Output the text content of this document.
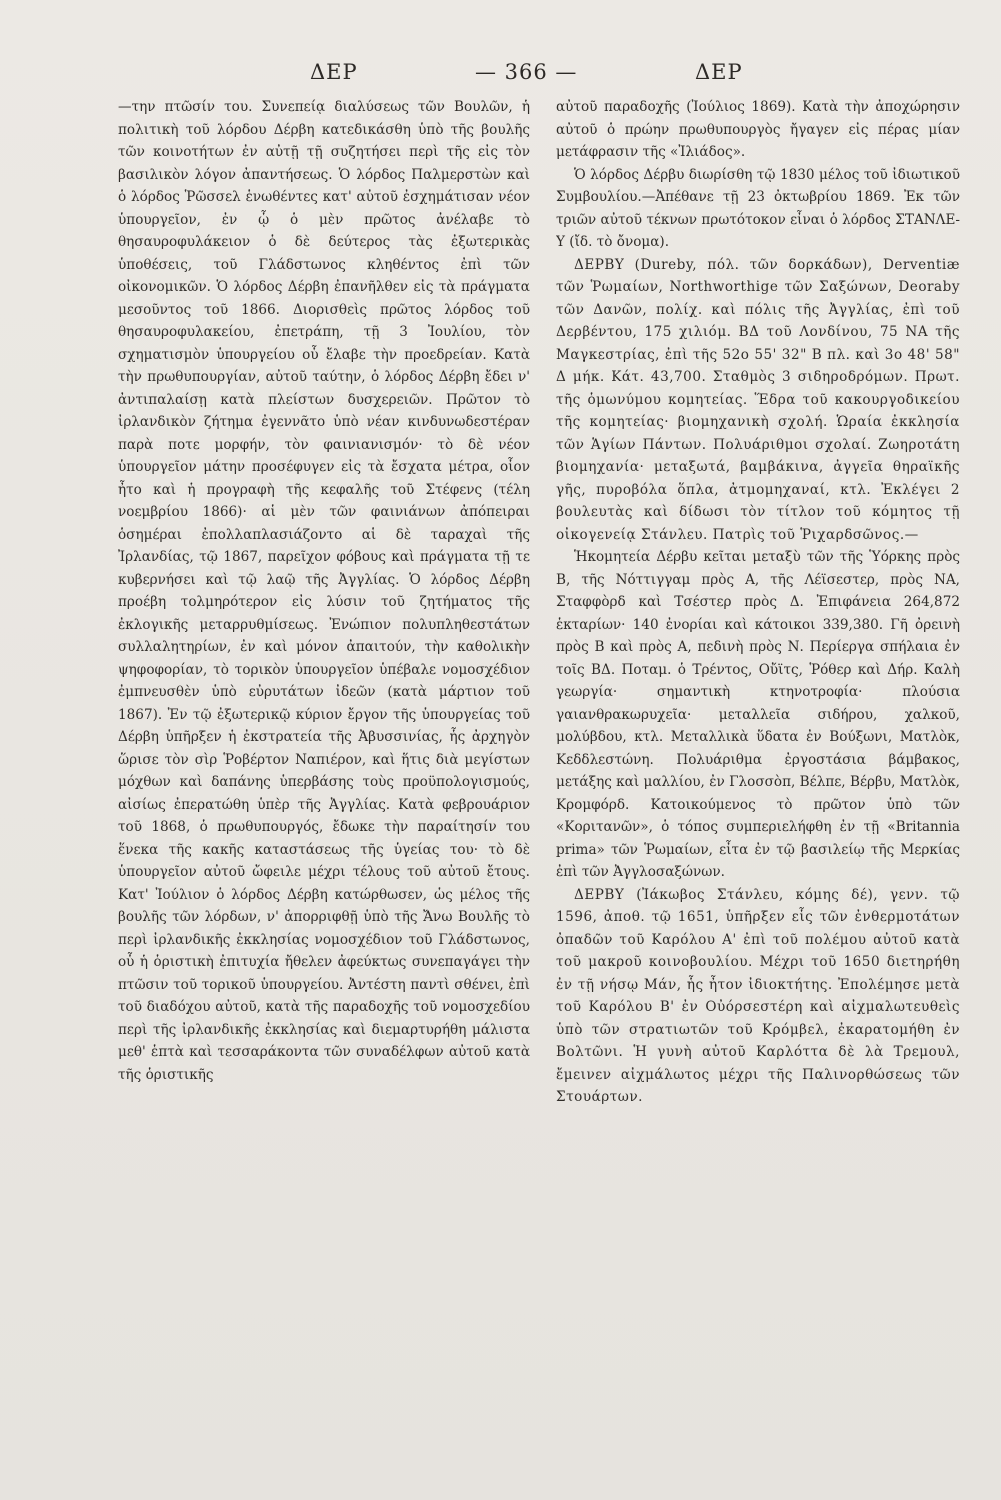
ΔΕΡ	— 366 —	ΔΕΡ

—την πτῶσίν του. Συνεπείᾳ διαλύσεως τῶν Βουλῶν, ἡ πολιτικὴ τοῦ λόρδου Δέρβη κατεδικάσθη ὑπὸ τῆς βουλῆς τῶν κοινοτήτων ἐν αὐτῇ τῇ συζητήσει περὶ τῆς εἰς τὸν βασιλικὸν λόγον ἀπαντήσεως. Ὁ λόρδος Παλμερστὼν καὶ ὁ λόρδος Ῥῶσσελ ἑνωθέντες κατ' αὐτοῦ ἐσχημάτισαν νέον ὑπουργεῖον, ἐν ᾧ ὁ μὲν πρῶτος ἀνέλαβε τὸ θησαυροφυλάκειον ὁ δὲ δεύτερος τὰς ἐξωτερικὰς ὑποθέσεις, τοῦ Γλάδστωνος κληθέντος ἐπὶ τῶν οἰκονομικῶν. Ὁ λόρδος Δέρβη ἐπανῆλθεν εἰς τὰ πράγματα μεσοῦντος τοῦ 1866. Διορισθεὶς πρῶτος λόρδος τοῦ θησαυροφυλακείου, ἐπετράπη, τῇ 3 Ἰουλίου, τὸν σχηματισμὸν ὑπουργείου οὗ ἔλαβε τὴν προεδρείαν. Κατὰ τὴν πρωθυπουργίαν, αὐτοῦ ταύτην, ὁ λόρδος Δέρβη ἔδει ν' ἀντιπαλαίσῃ κατὰ πλείστων δυσχερειῶν. Πρῶτον τὸ ἰρλανδικὸν ζήτημα ἐγεννᾶτο ὑπὸ νέαν κινδυνωδεστέραν παρὰ ποτε μορφήν, τὸν φαινιανισμόν· τὸ δὲ νέον ὑπουργεῖον μάτην προσέφυγεν εἰς τὰ ἔσχατα μέτρα, οἷον ἦτο καὶ ἡ προγραφὴ τῆς κεφαλῆς τοῦ Στέφενς (τέλη νοεμβρίου 1866)· αἱ μὲν τῶν φαινιάνων ἀπόπειραι ὁσημέραι ἐπολλαπλασιάζοντο αἱ δὲ ταραχαὶ τῆς Ἰρλανδίας, τῷ 1867, παρεῖχον φόβους καὶ πράγματα τῇ τε κυβερνήσει καὶ τῷ λαῷ τῆς Ἀγγλίας. Ὁ λόρδος Δέρβη προέβη τολμηρότερον εἰς λύσιν τοῦ ζητήματος τῆς ἐκλογικῆς μεταρρυθμίσεως. Ἐνώπιον πολυπληθεστάτων συλλαλητηρίων, ἐν καὶ μόνον ἀπαιτούν, τὴν καθολικὴν ψηφοφορίαν, τὸ τορικὸν ὑπουργεῖον ὑπέβαλε νομοσχέδιον ἐμπνευσθὲν ὑπὸ εὐρυτάτων ἰδεῶν (κατὰ μάρτιον τοῦ 1867). Ἐν τῷ ἐξωτερικῷ κύριον ἔργον τῆς ὑπουργείας τοῦ Δέρβη ὑπῆρξεν ἡ ἐκστρατεία τῆς Ἀβυσσινίας, ἧς ἀρχηγὸν ὥρισε τὸν σὶρ Ῥοβέρτον Ναπιέρον, καὶ ἥτις διὰ μεγίστων μόχθων καὶ δαπάνης ὑπερβάσης τοὺς προϋπολογισμούς, αἰσίως ἐπερατώθη ὑπὲρ τῆς Ἀγγλίας. Κατὰ φεβρουάριον τοῦ 1868, ὁ πρωθυπουργός, ἔδωκε τὴν παραίτησίν του ἕνεκα τῆς κακῆς καταστάσεως τῆς ὑγείας του· τὸ δὲ ὑπουργεῖον αὐτοῦ ὤφειλε μέχρι τέλους τοῦ αὐτοῦ ἔτους. Κατ' Ἰούλιον ὁ λόρδος Δέρβη κατώρθωσεν, ὡς μέλος τῆς βουλῆς τῶν λόρδων, ν' ἀπορριφθῇ ὑπὸ τῆς Ἄνω Βουλῆς τὸ περὶ ἰρλανδικῆς ἐκκλησίας νομοσχέδιον τοῦ Γλάδστωνος, οὗ ἡ ὁριστικὴ ἐπιτυχία ἤθελεν ἀφεύκτως συνεπαγάγει τὴν πτῶσιν τοῦ τορικοῦ ὑπουργείου. Ἀντέστη παντὶ σθένει, ἐπὶ τοῦ διαδόχου αὐτοῦ, κατὰ τῆς παραδοχῆς τοῦ νομοσχεδίου περὶ τῆς ἰρλανδικῆς ἐκκλησίας καὶ διεμαρτυρήθη μάλιστα μεθ' ἑπτὰ καὶ τεσσαράκοντα τῶν συναδέλφων αὐτοῦ κατὰ τῆς ὁριστικῆς

αὐτοῦ παραδοχῆς (Ἰούλιος 1869). Κατὰ τὴν ἀποχώρησιν αὐτοῦ ὁ πρώην πρωθυπουργὸς ἤγαγεν εἰς πέρας μίαν μετάφρασιν τῆς «Ἰλιάδος».

Ὁ λόρδος Δέρβυ διωρίσθη τῷ 1830 μέλος τοῦ ἰδιωτικοῦ Συμβουλίου.—Ἀπέθανε τῇ 23 ὀκτωβρίου 1869. Ἐκ τῶν τριῶν αὐτοῦ τέκνων πρωτότοκον εἶναι ὁ λόρδος ΣΤΑΝΛΕ-Υ (ἴδ. τὸ ὄνομα).

ΔΕΡΒΥ (Dureby, πόλ. τῶν δορκάδων), Derventiæ τῶν Ῥωμαίων, Northworthige τῶν Σαξώνων, Deoraby τῶν Δανῶν, πολίχ. καὶ πόλις τῆς Ἀγγλίας, ἐπὶ τοῦ Δερβέντου, 175 χιλιόμ. ΒΔ τοῦ Λονδίνου, 75 ΝΑ τῆς Μαγκεστρίας, ἐπὶ τῆς 52ο 55' 32" Β πλ. καὶ 3ο 48' 58" Δ μήκ. Κάτ. 43,700. Σταθμὸς 3 σιδηροδρόμων. Πρωτ. τῆς ὁμωνύμου κομητείας. Ἕδρα τοῦ κακουργοδικείου τῆς κομητείας· βιομηχανικὴ σχολή. Ὡραία ἐκκλησία τῶν Ἁγίων Πάντων. Πολυάριθμοι σχολαί. Ζωηροτάτη βιομηχανία· μεταξωτά, βαμβάκινα, ἀγγεῖα θηραϊκῆς γῆς, πυροβόλα ὅπλα, ἀτμομηχαναί, κτλ. Ἐκλέγει 2 βουλευτὰς καὶ δίδωσι τὸν τίτλον τοῦ κόμητος τῇ οἰκογενείᾳ Στάνλευ. Πατρὶς τοῦ Ῥιχαρδσῶνος.—

Ἡκομητεία Δέρβυ κεῖται μεταξὺ τῶν τῆς Ὑόρκης πρὸς Β, τῆς Νόττιγγαμ πρὸς Α, τῆς Λέϊσεστερ, πρὸς ΝΑ, Σταφφὸρδ καὶ Τσέστερ πρὸς Δ. Ἐπιφάνεια 264,872 ἑκταρίων· 140 ἐνορίαι καὶ κάτοικοι 339,380. Γῆ ὀρεινὴ πρὸς Β καὶ πρὸς Α, πεδινὴ πρὸς Ν. Περίεργα σπήλαια ἐν τοῖς ΒΔ. Ποταμ. ὁ Τρέντος, Οὔϊτς, Ῥόθερ καὶ Δήρ. Καλὴ γεωργία· σημαντικὴ κτηνοτροφία· πλούσια γαιανθρακωρυχεῖα· μεταλλεῖα σιδήρου, χαλκοῦ, μολύβδου, κτλ. Μεταλλικὰ ὕδατα ἐν Βούξωνι, Ματλὸκ, Κεδδλεστώνη. Πολυάριθμα ἐργοστάσια βάμβακος, μετάξης καὶ μαλλίου, ἐν Γλοσσὸπ, Βέλπε, Βέρβυ, Ματλὸκ, Κρομφόρδ. Κατοικούμενος τὸ πρῶτον ὑπὸ τῶν «Κοριτανῶν», ὁ τόπος συμπεριελήφθη ἐν τῇ «Britannia prima» τῶν Ῥωμαίων, εἶτα ἐν τῷ βασιλείῳ τῆς Μερκίας ἐπὶ τῶν Ἀγγλοσαξώνων.

ΔΕΡΒΥ (Ἰάκωβος Στάνλευ, κόμης δέ), γενν. τῷ 1596, ἀποθ. τῷ 1651, ὑπῆρξεν εἷς τῶν ἐνθερμοτάτων ὀπαδῶν τοῦ Καρόλου Α' ἐπὶ τοῦ πολέμου αὐτοῦ κατὰ τοῦ μακροῦ κοινοβουλίου. Μέχρι τοῦ 1650 διετηρήθη ἐν τῇ νήσῳ Μάν, ἧς ἦτον ἰδιοκτήτης. Ἐπολέμησε μετὰ τοῦ Καρόλου Β' ἐν Οὐόρσεστέρη καὶ αἰχμαλωτευθεὶς ὑπὸ τῶν στρατιωτῶν τοῦ Κρόμβελ, ἐκαρατομήθη ἐν Βολτῶνι. Ἡ γυνὴ αὐτοῦ Καρλόττα δὲ λὰ Τρεμουλ, ἔμεινεν αἰχμάλωτος μέχρι τῆς Παλινορθώσεως τῶν Στουάρτων.
